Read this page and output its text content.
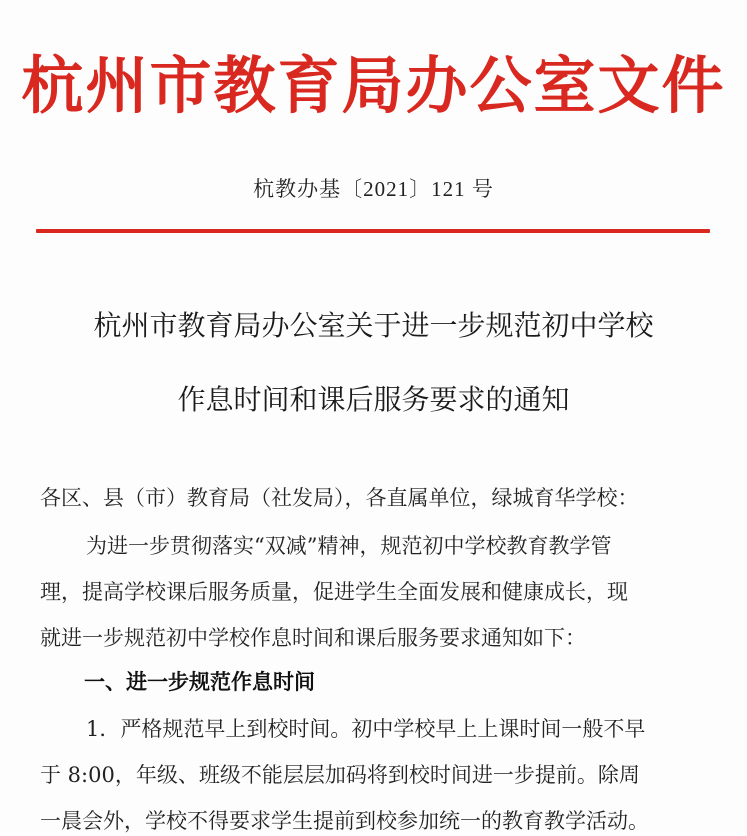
杭州市教育局办公室文件
杭教办基〔2021〕121 号
杭州市教育局办公室关于进一步规范初中学校
作息时间和课后服务要求的通知
各区、县（市）教育局（社发局），各直属单位，绿城育华学校：
为进一步贯彻落实“双减”精神，规范初中学校教育教学管
理，提高学校课后服务质量，促进学生全面发展和健康成长，现
就进一步规范初中学校作息时间和课后服务要求通知如下：
一、进一步规范作息时间
1．严格规范早上到校时间。初中学校早上上课时间一般不早
于 8:00，年级、班级不能层层加码将到校时间进一步提前。除周
一晨会外，学校不得要求学生提前到校参加统一的教育教学活动。
